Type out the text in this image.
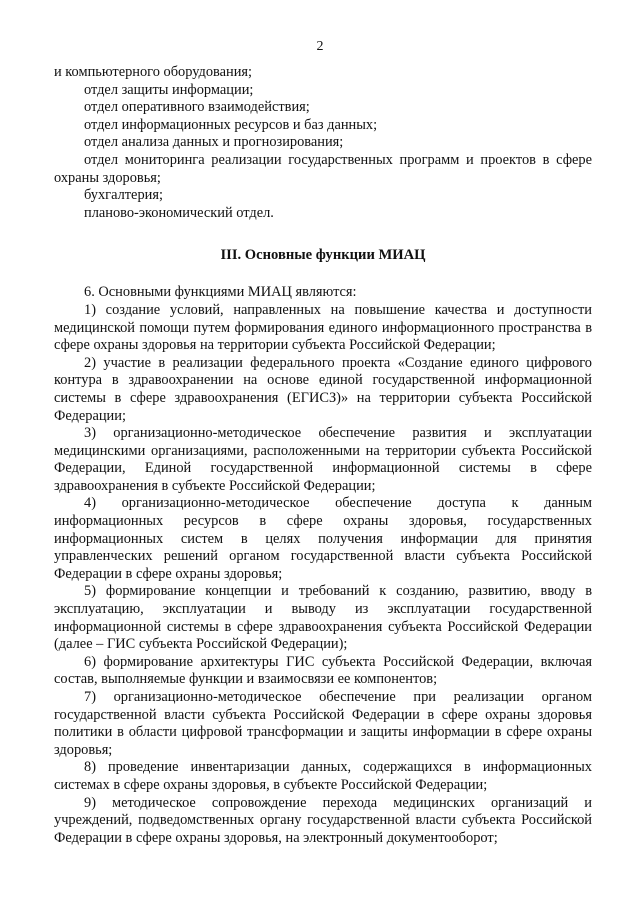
2

и компьютерного оборудования;

отдел защиты информации;

отдел оперативного взаимодействия;

отдел информационных ресурсов и баз данных;

отдел анализа данных и прогнозирования;

отдел мониторинга реализации государственных программ и проектов в сфере охраны здоровья;

бухгалтерия;

планово-экономический отдел.

III. Основные функции МИАЦ

6. Основными функциями МИАЦ являются:

1) создание условий, направленных на повышение качества и доступности медицинской помощи путем формирования единого информационного пространства в сфере охраны здоровья на территории субъекта Российской Федерации;

2) участие в реализации федерального проекта «Создание единого цифрового контура в здравоохранении на основе единой государственной информационной системы в сфере здравоохранения (ЕГИСЗ)» на территории субъекта Российской Федерации;

3) организационно-методическое обеспечение развития и эксплуатации медицинскими организациями, расположенными на территории субъекта Российской Федерации, Единой государственной информационной системы в сфере здравоохранения в субъекте Российской Федерации;

4) организационно-методическое обеспечение доступа к данным информационных ресурсов в сфере охраны здоровья, государственных информационных систем в целях получения информации для принятия управленческих решений органом государственной власти субъекта Российской Федерации в сфере охраны здоровья;

5) формирование концепции и требований к созданию, развитию, вводу в эксплуатацию, эксплуатации и выводу из эксплуатации государственной информационной системы в сфере здравоохранения субъекта Российской Федерации (далее – ГИС субъекта Российской Федерации);

6) формирование архитектуры ГИС субъекта Российской Федерации, включая состав, выполняемые функции и взаимосвязи ее компонентов;

7) организационно-методическое обеспечение при реализации органом государственной власти субъекта Российской Федерации в сфере охраны здоровья политики в области цифровой трансформации и защиты информации в сфере охраны здоровья;

8) проведение инвентаризации данных, содержащихся в информационных системах в сфере охраны здоровья, в субъекте Российской Федерации;

9) методическое сопровождение перехода медицинских организаций и учреждений, подведомственных органу государственной власти субъекта Российской Федерации в сфере охраны здоровья, на электронный документооборот;
